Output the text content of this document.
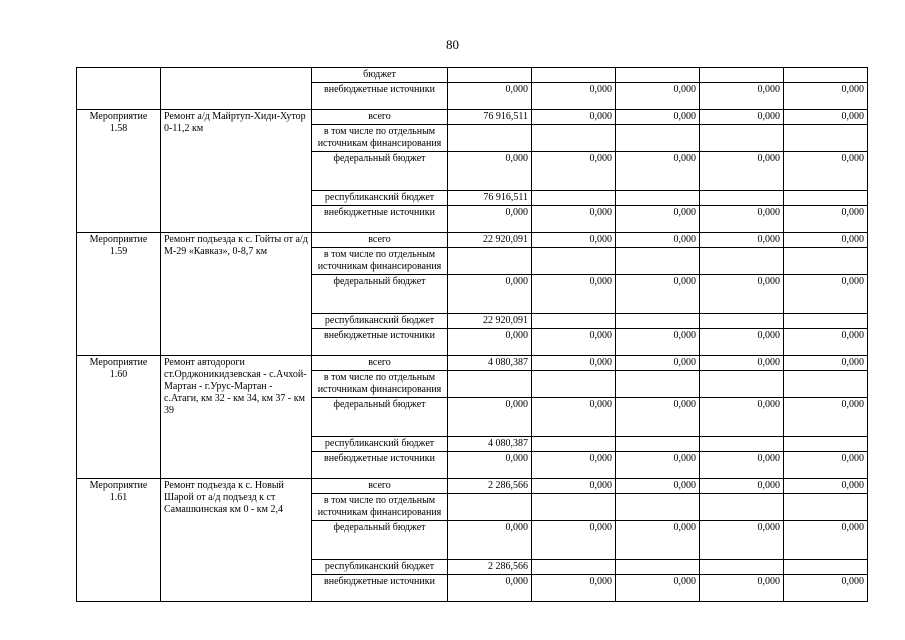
80
		бюджет					
		внебюджетные источники	0,000	0,000	0,000	0,000	0,000
Мероприятие 1.58	Ремонт а/д Майртуп-Хиди-Хутор 0-11,2 км	всего	76 916,511	0,000	0,000	0,000	0,000
		в том числе по отдельным источникам финансирования					
		федеральный бюджет	0,000	0,000	0,000	0,000	0,000
		республиканский бюджет	76 916,511				
		внебюджетные источники	0,000	0,000	0,000	0,000	0,000
Мероприятие 1.59	Ремонт подъезда к с. Гойты от а/д М-29 «Кавказ», 0-8,7 км	всего	22 920,091	0,000	0,000	0,000	0,000
		в том числе по отдельным источникам финансирования					
		федеральный бюджет	0,000	0,000	0,000	0,000	0,000
		республиканский бюджет	22 920,091				
		внебюджетные источники	0,000	0,000	0,000	0,000	0,000
Мероприятие 1.60	Ремонт автодороги ст.Орджоникидзевская - с.Ачхой-Мартан - г.Урус-Мартан - с.Атаги, км 32 - км 34, км 37 - км 39	всего	4 080,387	0,000	0,000	0,000	0,000
		в том числе по отдельным источникам финансирования					
		федеральный бюджет	0,000	0,000	0,000	0,000	0,000
		республиканский бюджет	4 080,387				
		внебюджетные источники	0,000	0,000	0,000	0,000	0,000
Мероприятие 1.61	Ремонт подъезда к с. Новый Шарой от а/д подъезд к ст Самашкинская км 0 - км 2,4	всего	2 286,566	0,000	0,000	0,000	0,000
		в том числе по отдельным источникам финансирования					
		федеральный бюджет	0,000	0,000	0,000	0,000	0,000
		республиканский бюджет	2 286,566				
		внебюджетные источники	0,000	0,000	0,000	0,000	0,000
